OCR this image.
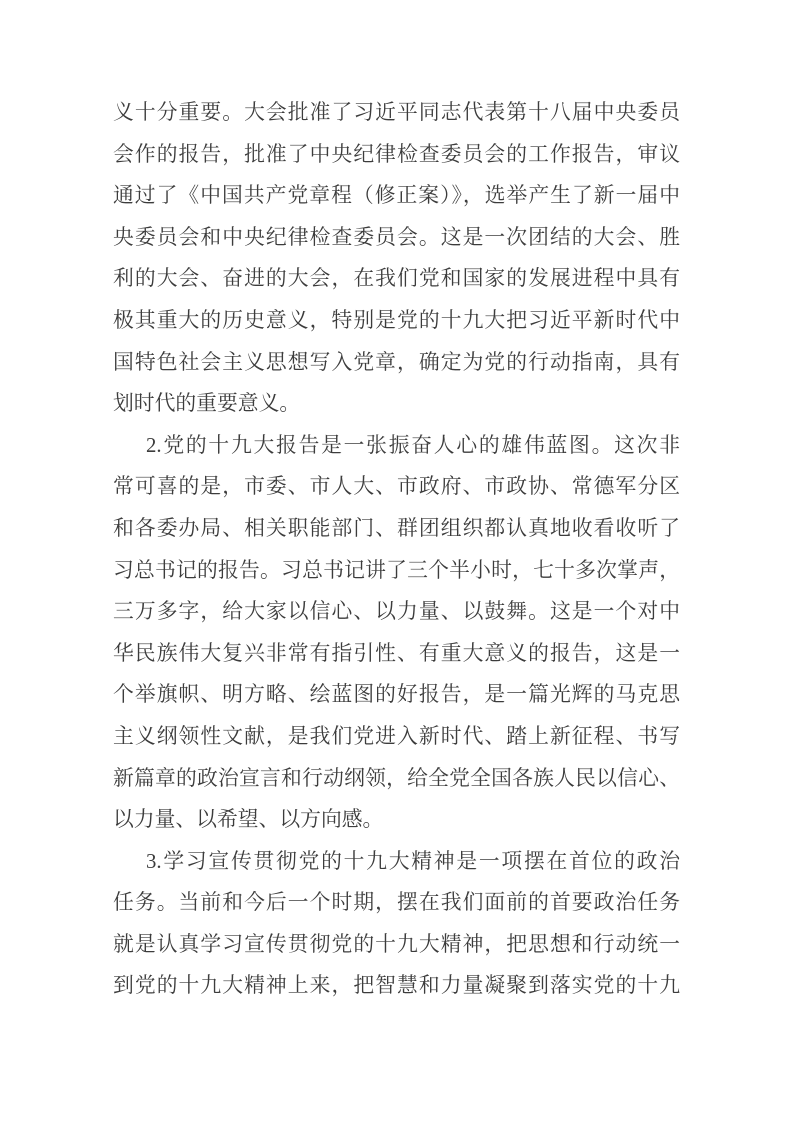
义十分重要。大会批准了习近平同志代表第十八届中央委员
会作的报告，批准了中央纪律检查委员会的工作报告，审议
通过了《中国共产党章程（修正案）》，选举产生了新一届中
央委员会和中央纪律检查委员会。这是一次团结的大会、胜
利的大会、奋进的大会，在我们党和国家的发展进程中具有
极其重大的历史意义，特别是党的十九大把习近平新时代中
国特色社会主义思想写入党章，确定为党的行动指南，具有
划时代的重要意义。
2.党的十九大报告是一张振奋人心的雄伟蓝图。这次非
常可喜的是，市委、市人大、市政府、市政协、常德军分区
和各委办局、相关职能部门、群团组织都认真地收看收听了
习总书记的报告。习总书记讲了三个半小时，七十多次掌声，
三万多字，给大家以信心、以力量、以鼓舞。这是一个对中
华民族伟大复兴非常有指引性、有重大意义的报告，这是一
个举旗帜、明方略、绘蓝图的好报告，是一篇光辉的马克思
主义纲领性文献，是我们党进入新时代、踏上新征程、书写
新篇章的政治宣言和行动纲领，给全党全国各族人民以信心、
以力量、以希望、以方向感。
3.学习宣传贯彻党的十九大精神是一项摆在首位的政治
任务。当前和今后一个时期，摆在我们面前的首要政治任务
就是认真学习宣传贯彻党的十九大精神，把思想和行动统一
到党的十九大精神上来，把智慧和力量凝聚到落实党的十九
